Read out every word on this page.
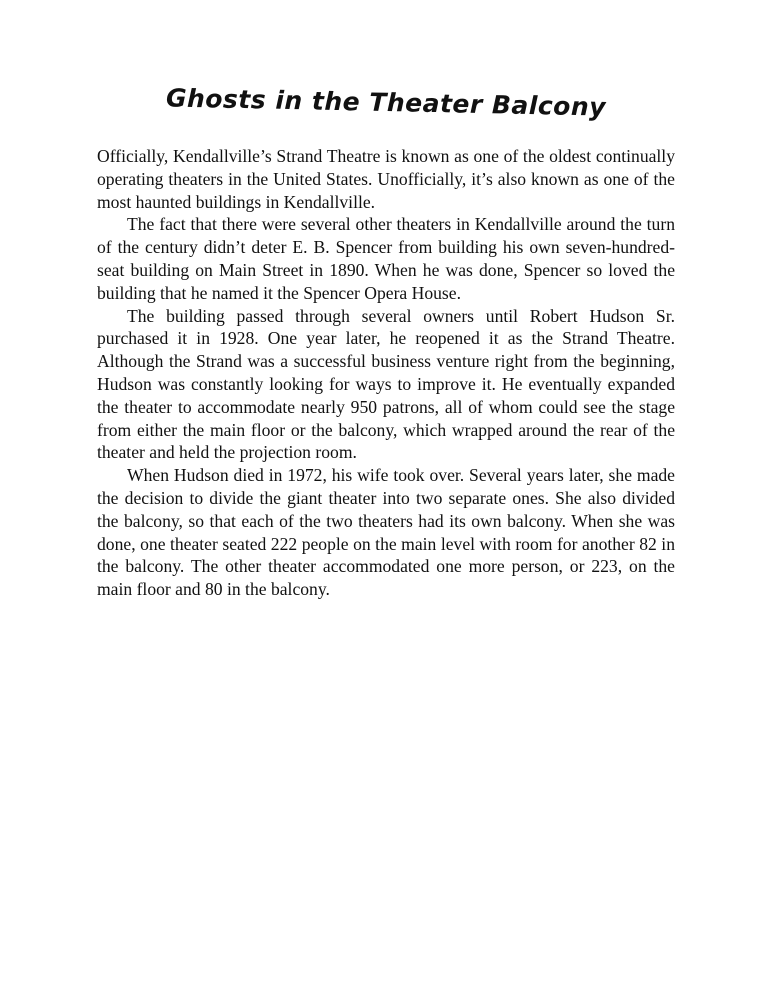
Ghosts in the Theater Balcony

Officially, Kendallville’s Strand Theatre is known as one of the oldest continually operating theaters in the United States. Unofficially, it’s also known as one of the most haunted buildings in Kendallville.

The fact that there were several other theaters in Kendallville around the turn of the century didn’t deter E. B. Spencer from building his own seven-hundred-seat building on Main Street in 1890. When he was done, Spencer so loved the building that he named it the Spencer Opera House.

The building passed through several owners until Robert Hudson Sr. purchased it in 1928. One year later, he reopened it as the Strand Theatre. Although the Strand was a successful business venture right from the beginning, Hudson was constantly looking for ways to improve it. He eventually expanded the theater to accommodate nearly 950 patrons, all of whom could see the stage from either the main floor or the balcony, which wrapped around the rear of the theater and held the projection room.

When Hudson died in 1972, his wife took over. Several years later, she made the decision to divide the giant theater into two separate ones. She also divided the balcony, so that each of the two theaters had its own balcony. When she was done, one theater seated 222 people on the main level with room for another 82 in the balcony. The other theater accommodated one more person, or 223, on the main floor and 80 in the balcony.
